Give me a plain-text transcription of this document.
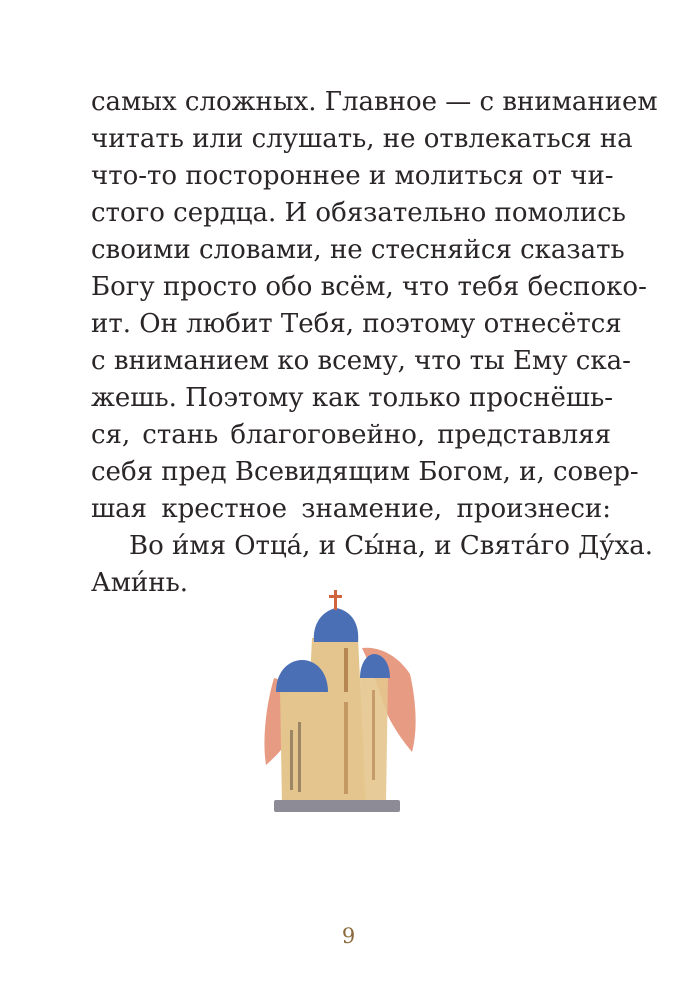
самых сложных. Главное — с вниманием
читать или слушать, не отвлекаться на
что-то постороннее и молиться от чи-
стого сердца. И обязательно помолись
своими словами, не стесняйся сказать
Богу просто обо всём, что тебя беспоко-
ит. Он любит Тебя, поэтому отнесётся
с вниманием ко всему, что ты Ему ска-
жешь. Поэтому как только проснёшь-
ся, стань благоговейно, представляя
себя пред Всевидящим Богом, и, совер-
шая крестное знамение, произнеси:
Во и́мя Отца́, и Сы́на, и Свята́го Ду́ха.
Ами́нь.
9
